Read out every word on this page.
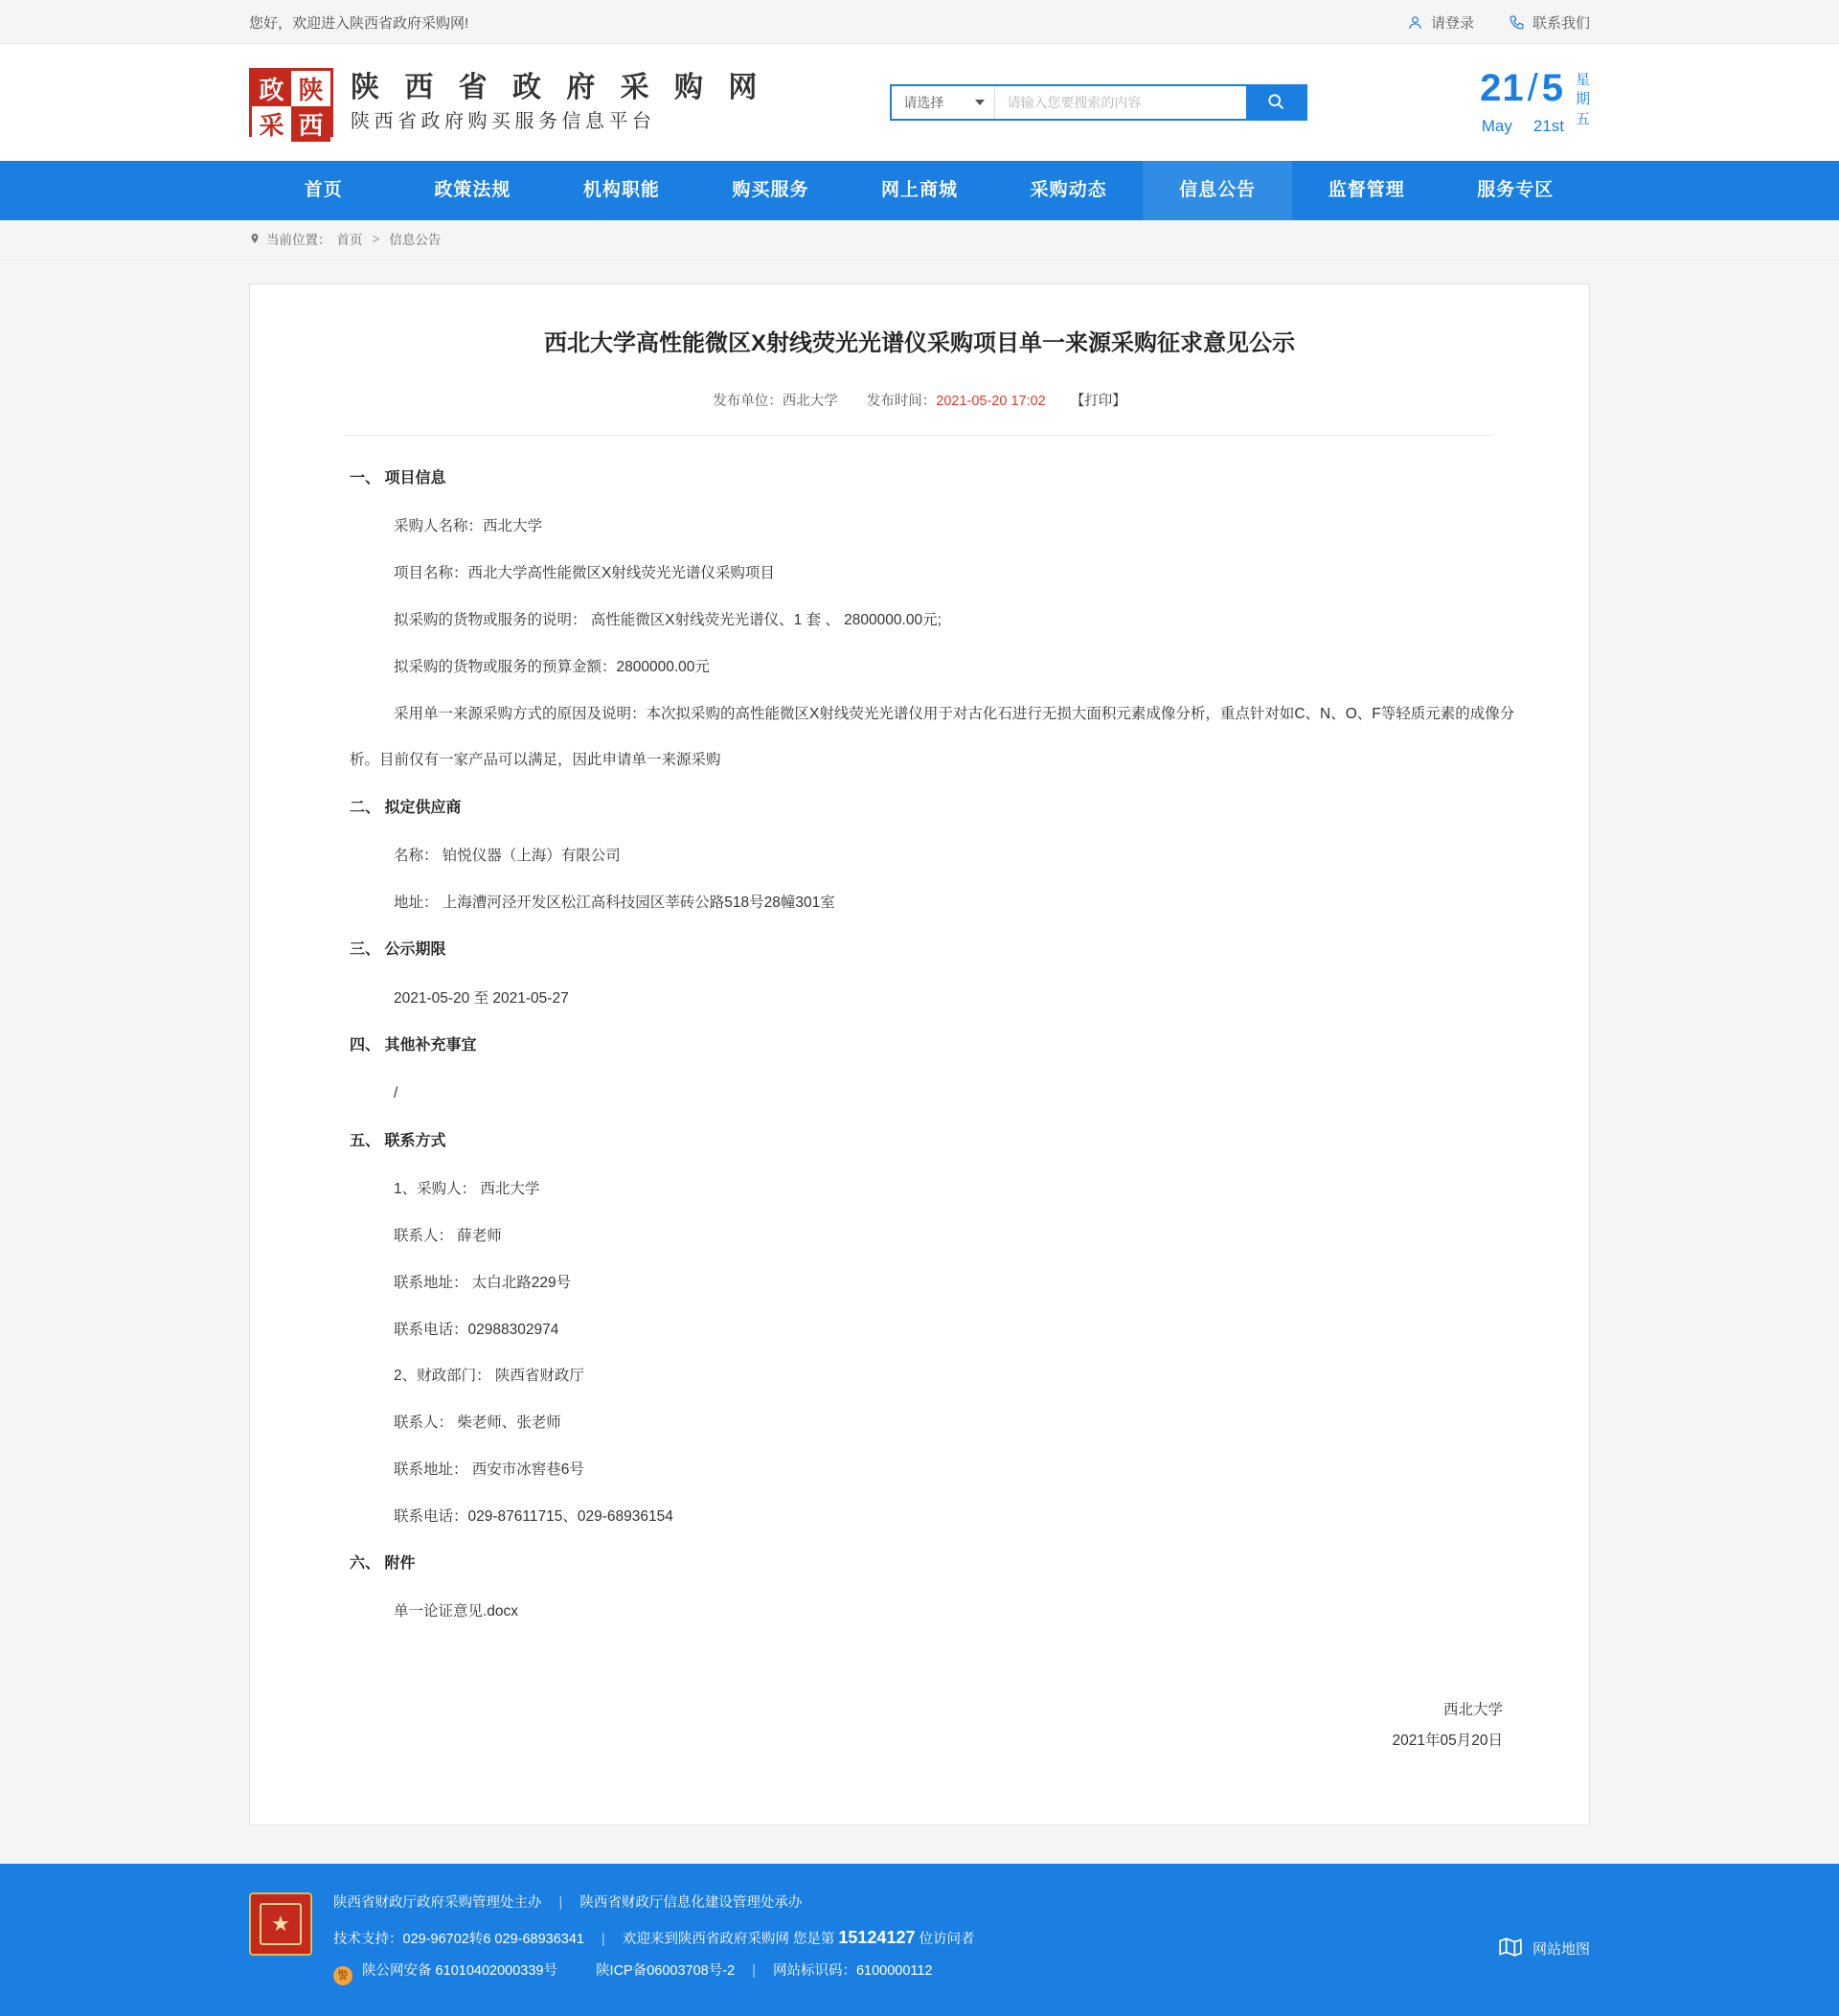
您好，欢迎进入陕西省政府采购网!	请登录	联系我们
政 陕
采 西
陕 西 省 政 府 采 购 网
陕西省政府购买服务信息平台
请选择
请输入您要搜索的内容	21/5
May 21st
星
期
五
首页	政策法规	机构职能	购买服务	网上商城	采购动态	信息公告	监督管理	服务专区
当前位置： 首页 > 信息公告
西北大学高性能微区X射线荧光光谱仪采购项目单一来源采购征求意见公示
发布单位：西北大学 发布时间：2021-05-20 17:02 【打印】

一、 项目信息

采购人名称：西北大学

项目名称：西北大学高性能微区X射线荧光光谱仪采购项目

拟采购的货物或服务的说明： 高性能微区X射线荧光光谱仪、1 套 、 2800000.00元;

拟采购的货物或服务的预算金额：2800000.00元

采用单一来源采购方式的原因及说明：本次拟采购的高性能微区X射线荧光光谱仪用于对古化石进行无损大面积元素成像分析，重点针对如C、N、O、F等轻质元素的成像分

析。目前仅有一家产品可以满足，因此申请单一来源采购

二、 拟定供应商

名称： 铂悦仪器（上海）有限公司

地址： 上海漕河泾开发区松江高科技园区莘砖公路518号28幢301室

三、 公示期限

2021-05-20 至 2021-05-27

四、 其他补充事宜

/

五、 联系方式

1、采购人： 西北大学

联系人： 薛老师

联系地址： 太白北路229号

联系电话：02988302974

2、财政部门： 陕西省财政厅

联系人： 柴老师、张老师

联系地址： 西安市冰窖巷6号

联系电话：029-87611715、029-68936154

六、 附件

单一论证意见.docx

西北大学
2021年05月20日
★
陕西省财政厅政府采购管理处主办 | 陕西省财政厅信息化建设管理处承办
技术支持：029-96702转6 029-68936341 | 欢迎来到陕西省政府采购网 您是第 15124127 位访问者
警 陕公网安备 61010402000339号	陕ICP备06003708号-2 | 网站标识码：6100000112
网站地图
